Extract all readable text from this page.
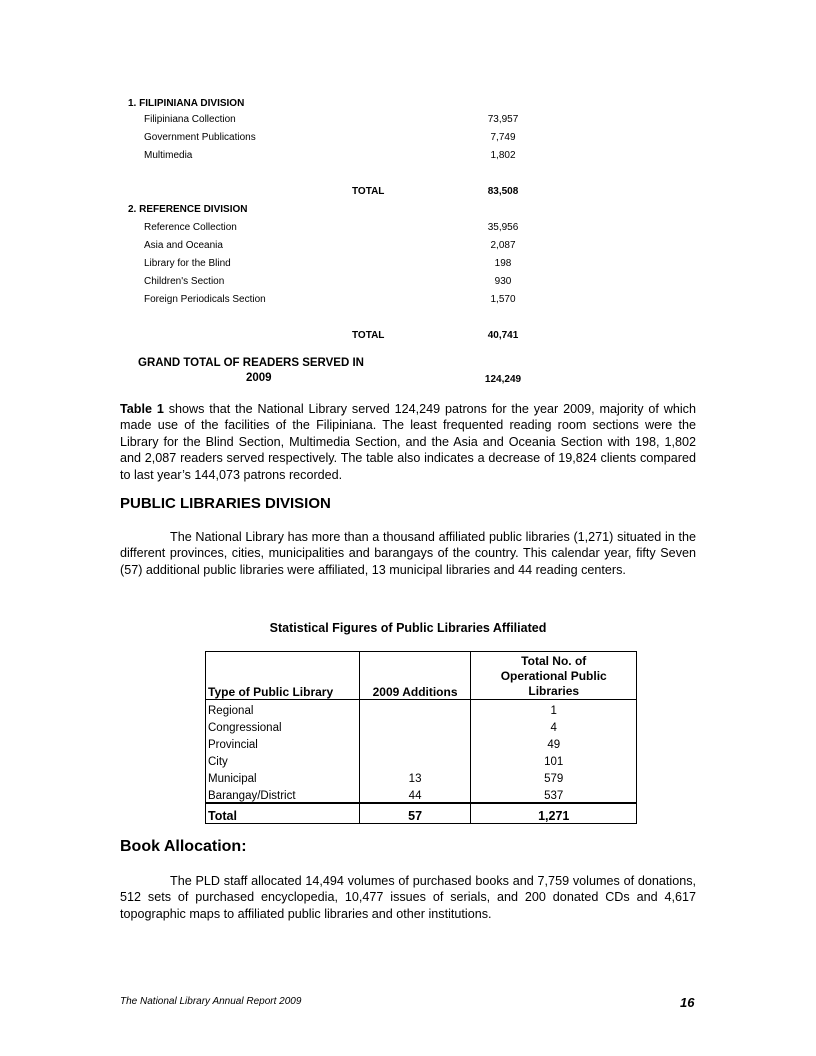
1. FILIPINIANA DIVISION
Filipiniana Collection	73,957
Government Publications	7,749
Multimedia	1,802
TOTAL	83,508
2. REFERENCE DIVISION
Reference Collection	35,956
Asia and Oceania	2,087
Library for the Blind	198
Children's Section	930
Foreign Periodicals Section	1,570
TOTAL	40,741
GRAND TOTAL OF READERS SERVED IN
2009	124,249
Table 1 shows that the National Library served 124,249 patrons for the year 2009, majority of which made use of the facilities of the Filipiniana. The least frequented reading room sections were the Library for the Blind Section, Multimedia Section, and the Asia and Oceania Section with 198, 1,802 and 2,087 readers served respectively. The table also indicates a decrease of 19,824 clients compared to last year’s 144,073 patrons recorded.
PUBLIC LIBRARIES DIVISION
The National Library has more than a thousand affiliated public libraries (1,271) situated in the different provinces, cities, municipalities and barangays of the country. This calendar year, fifty Seven (57) additional public libraries were affiliated, 13 municipal libraries and 44 reading centers.
Statistical Figures of Public Libraries Affiliated
Type of Public Library	2009 Additions	Total No. of
Operational Public
Libraries

Regional		1
Congressional		4
Provincial		49
City		101
Municipal	13	579
Barangay/District	44	537
Total	57	1,271
Book Allocation:
The PLD staff allocated 14,494 volumes of purchased books and 7,759 volumes of donations, 512 sets of purchased encyclopedia, 10,477 issues of serials, and 200 donated CDs and 4,617 topographic maps to affiliated public libraries and other institutions.
The National Library Annual Report 2009	16
